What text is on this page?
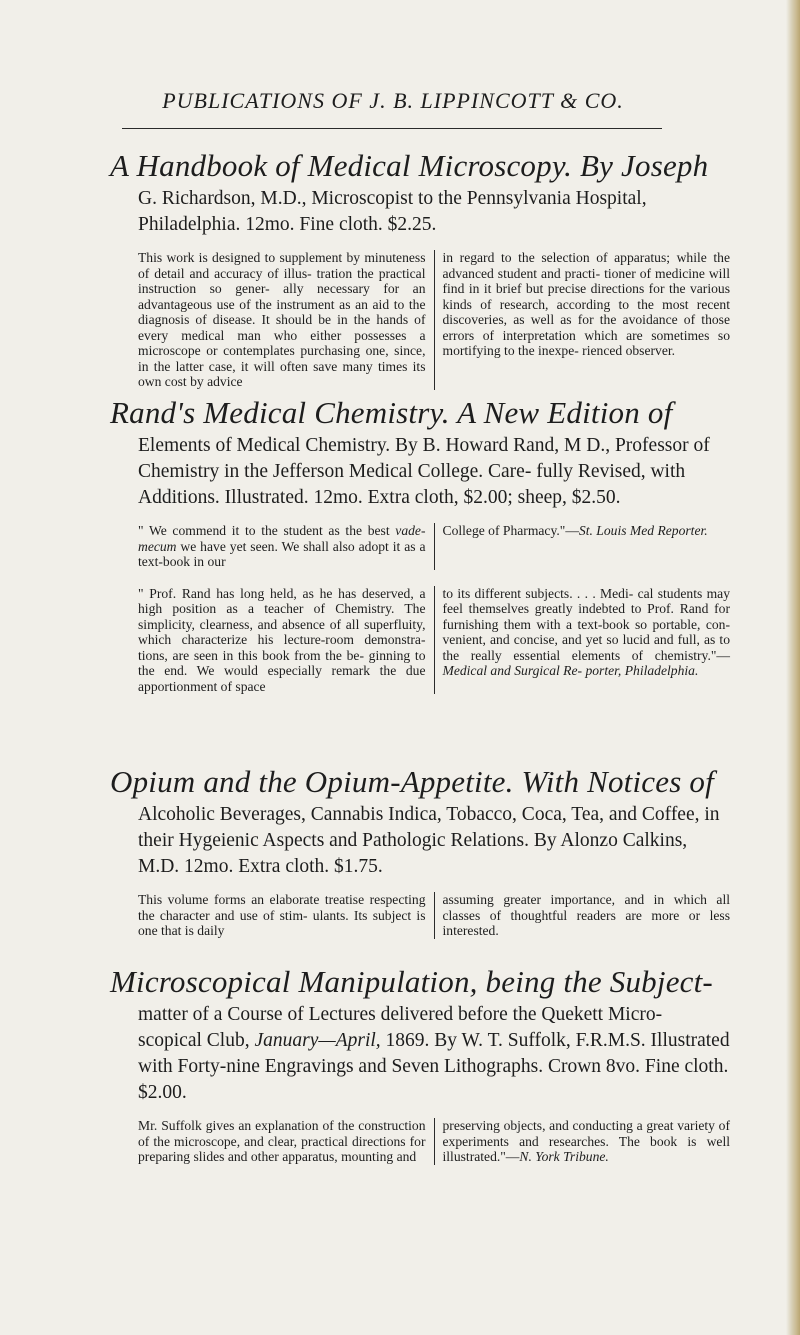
PUBLICATIONS OF J. B. LIPPINCOTT & CO.
A Handbook of Medical Microscopy. By Joseph

G. Richardson, M.D., Microscopist to the Pennsylvania Hospital, Philadelphia. 12mo. Fine cloth. $2.25.

This work is designed to supplement by minuteness of detail and accuracy of illus- tration the practical instruction so gener- ally necessary for an advantageous use of the instrument as an aid to the diagnosis of disease. It should be in the hands of every medical man who either possesses a microscope or contemplates purchasing one, since, in the latter case, it will often save many times its own cost by advice
in regard to the selection of apparatus; while the advanced student and practi- tioner of medicine will find in it brief but precise directions for the various kinds of research, according to the most recent discoveries, as well as for the avoidance of those errors of interpretation which are sometimes so mortifying to the inexpe- rienced observer.
Rand's Medical Chemistry. A New Edition of

Elements of Medical Chemistry. By B. Howard Rand, M D., Professor of Chemistry in the Jefferson Medical College. Care- fully Revised, with Additions. Illustrated. 12mo. Extra cloth, $2.00; sheep, $2.50.

" We commend it to the student as the best vade-mecum we have yet seen. We shall also adopt it as a text-book in our
College of Pharmacy."—St. Louis Med Reporter.
" Prof. Rand has long held, as he has deserved, a high position as a teacher of Chemistry. The simplicity, clearness, and absence of all superfluity, which characterize his lecture-room demonstra- tions, are seen in this book from the be- ginning to the end. We would especially remark the due apportionment of space
to its different subjects. . . . Medi- cal students may feel themselves greatly indebted to Prof. Rand for furnishing them with a text-book so portable, con- venient, and concise, and yet so lucid and full, as to the really essential elements of chemistry."—Medical and Surgical Re- porter, Philadelphia.
Opium and the Opium-Appetite. With Notices of

Alcoholic Beverages, Cannabis Indica, Tobacco, Coca, Tea, and Coffee, in their Hygeienic Aspects and Pathologic Relations. By Alonzo Calkins, M.D. 12mo. Extra cloth. $1.75.

This volume forms an elaborate treatise respecting the character and use of stim- ulants. Its subject is one that is daily
assuming greater importance, and in which all classes of thoughtful readers are more or less interested.
Microscopical Manipulation, being the Subject-

matter of a Course of Lectures delivered before the Quekett Micro- scopical Club, January—April, 1869. By W. T. Suffolk, F.R.M.S. Illustrated with Forty-nine Engravings and Seven Lithographs. Crown 8vo. Fine cloth. $2.00.

Mr. Suffolk gives an explanation of the construction of the microscope, and clear, practical directions for preparing slides and other apparatus, mounting and
preserving objects, and conducting a great variety of experiments and researches. The book is well illustrated."—N. York Tribune.
